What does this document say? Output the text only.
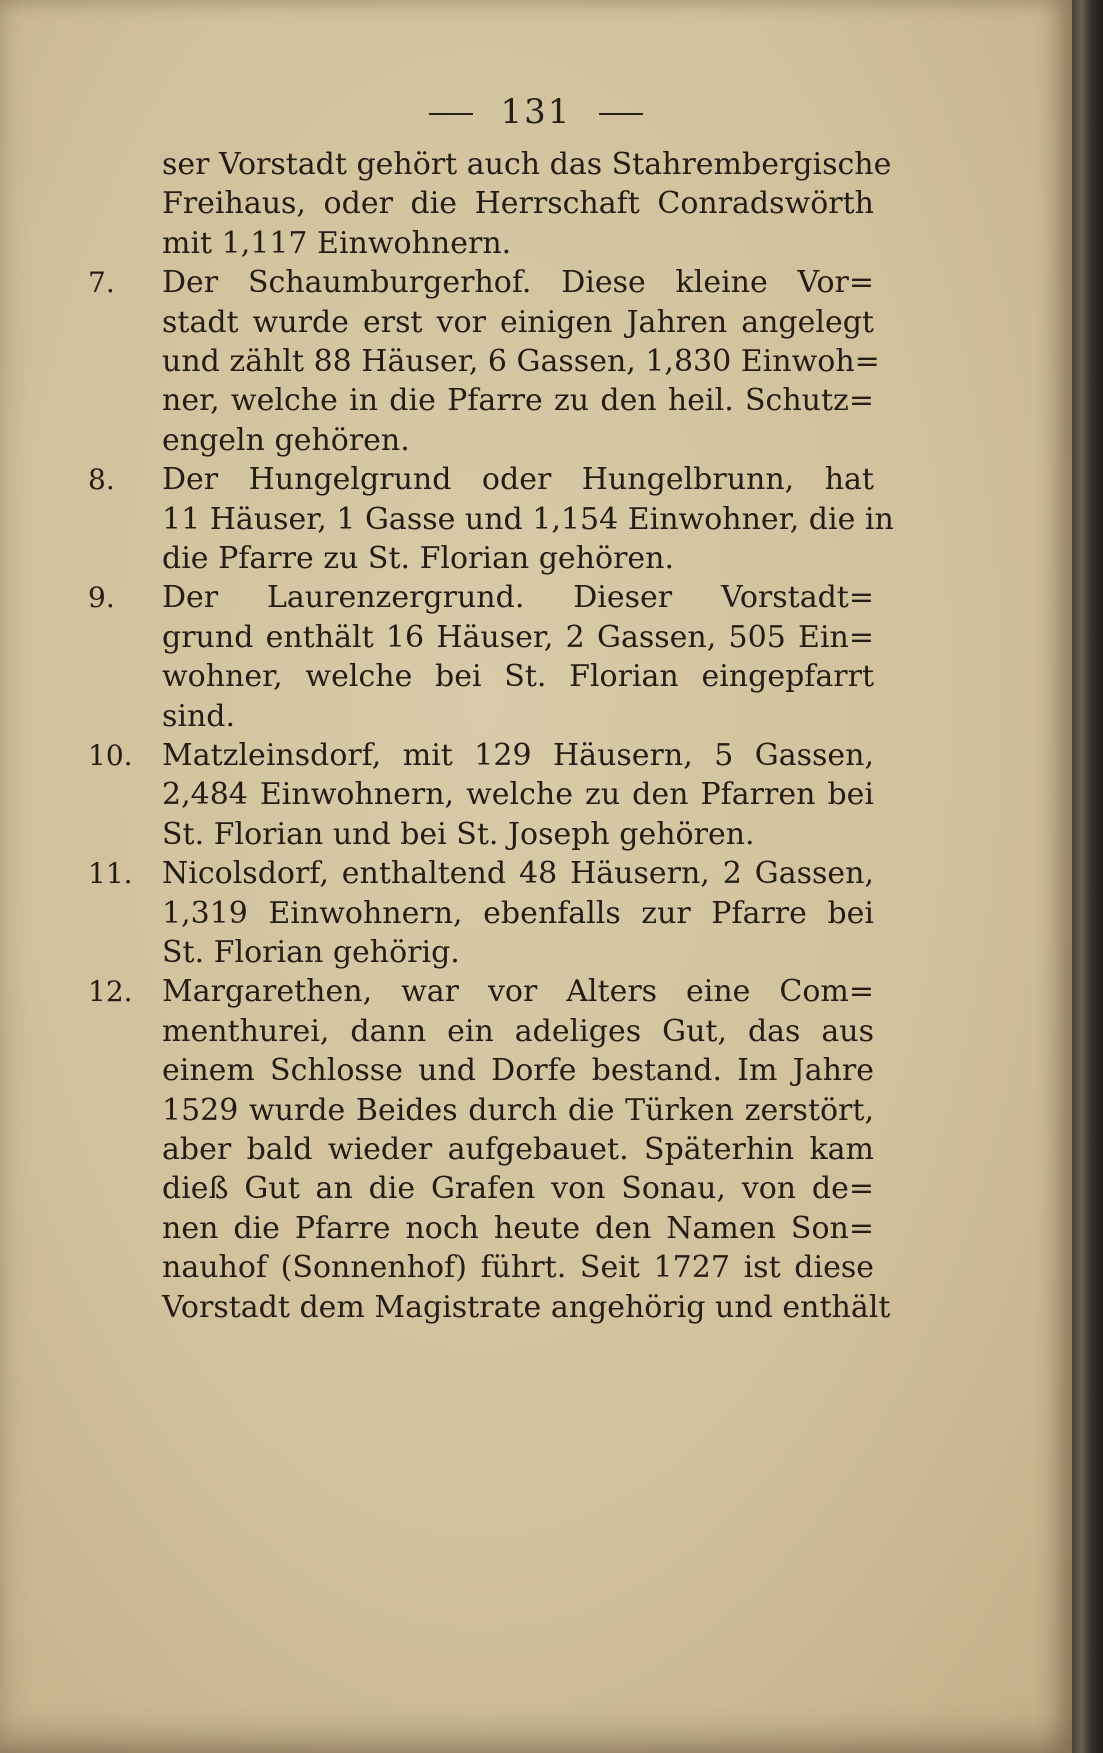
131
ser Vorstadt gehört auch das Stahrembergische
Freihaus, oder die Herrschaft Conradswörth
mit 1,117 Einwohnern.
7. Der Schaumburgerhof. Diese kleine Vor=
stadt wurde erst vor einigen Jahren angelegt
und zählt 88 Häuser, 6 Gassen, 1,830 Einwoh=
ner, welche in die Pfarre zu den heil. Schutz=
engeln gehören.
8. Der Hungelgrund oder Hungelbrunn, hat
11 Häuser, 1 Gasse und 1,154 Einwohner, die in
die Pfarre zu St. Florian gehören.
9. Der Laurenzergrund. Dieser Vorstadt=
grund enthält 16 Häuser, 2 Gassen, 505 Ein=
wohner, welche bei St. Florian eingepfarrt
sind.
10. Matzleinsdorf, mit 129 Häusern, 5 Gassen,
2,484 Einwohnern, welche zu den Pfarren bei
St. Florian und bei St. Joseph gehören.
11. Nicolsdorf, enthaltend 48 Häusern, 2 Gassen,
1,319 Einwohnern, ebenfalls zur Pfarre bei
St. Florian gehörig.
12. Margarethen, war vor Alters eine Com=
menthurei, dann ein adeliges Gut, das aus
einem Schlosse und Dorfe bestand. Im Jahre
1529 wurde Beides durch die Türken zerstört,
aber bald wieder aufgebauet. Späterhin kam
dieß Gut an die Grafen von Sonau, von de=
nen die Pfarre noch heute den Namen Son=
nauhof (Sonnenhof) führt. Seit 1727 ist diese
Vorstadt dem Magistrate angehörig und enthält
